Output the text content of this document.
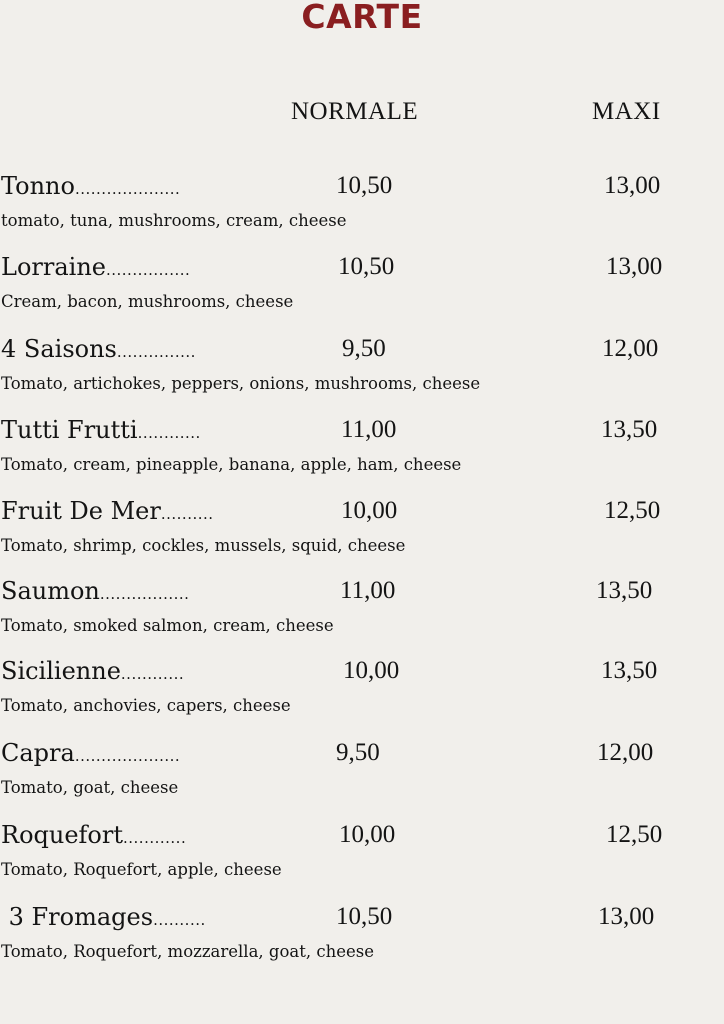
CARTE
NORMALE	MAXI
Tonno....................	10,50	13,00
tomato, tuna, mushrooms, cream, cheese
Lorraine................	10,50	13,00
Cream, bacon, mushrooms, cheese
4 Saisons...............	9,50	12,00
Tomato, artichokes, peppers, onions, mushrooms, cheese
Tutti Frutti............	11,00	13,50
Tomato, cream, pineapple, banana, apple, ham, cheese
Fruit De Mer..........	10,00	12,50
Tomato, shrimp, cockles, mussels, squid, cheese
Saumon.................	11,00	13,50
Tomato, smoked salmon, cream, cheese
Sicilienne............	10,00	13,50
Tomato, anchovies, capers, cheese
Capra....................	9,50	12,00
Tomato, goat, cheese
Roquefort............	10,00	12,50
Tomato, Roquefort, apple, cheese
3 Fromages..........	10,50	13,00
Tomato, Roquefort, mozzarella, goat, cheese
